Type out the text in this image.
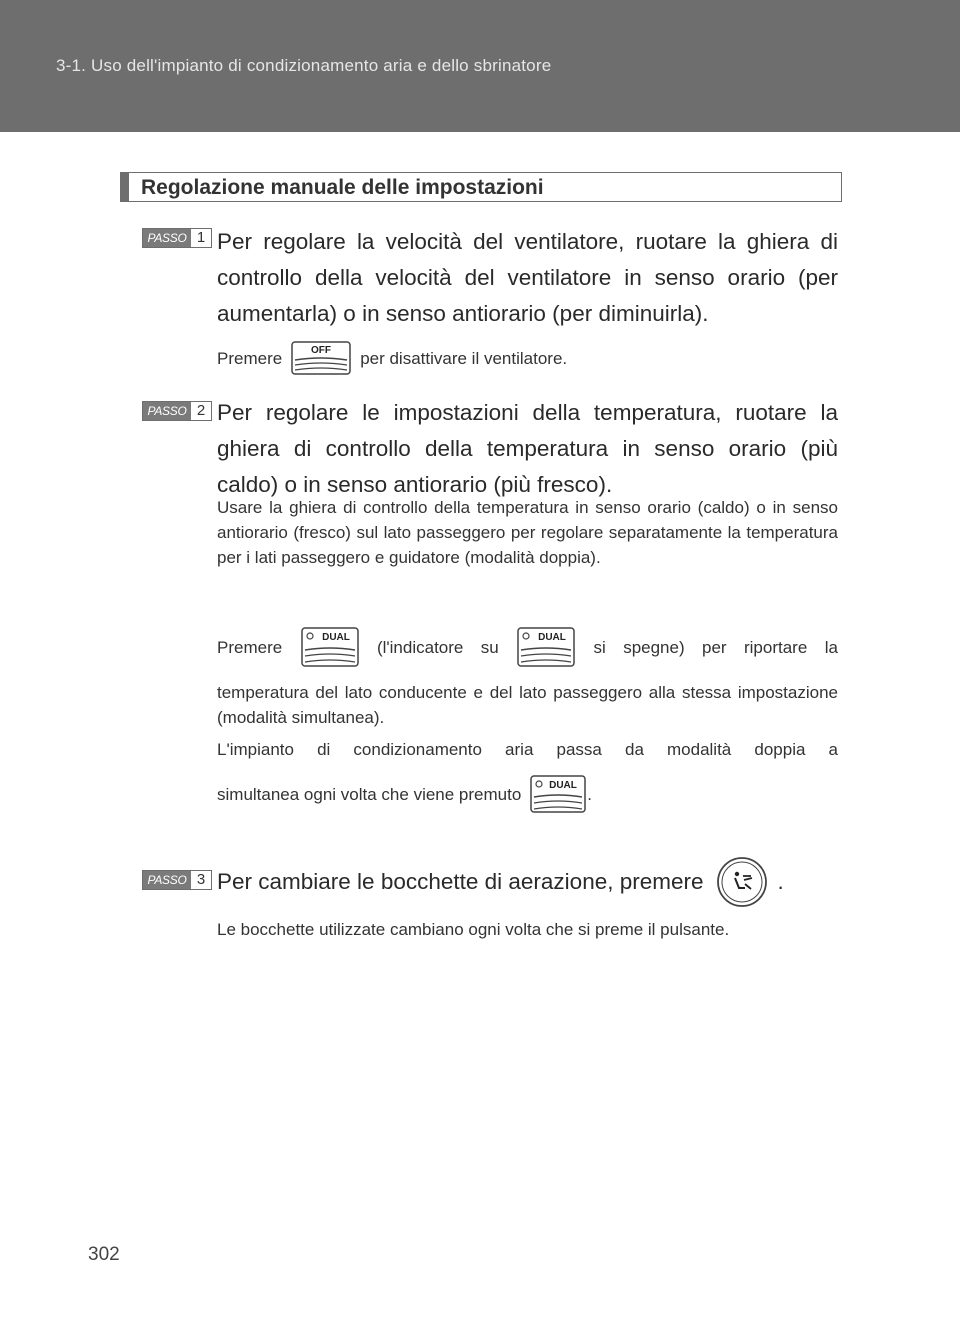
3-1. Uso dell'impianto di condizionamento aria e dello sbrinatore
Regolazione manuale delle impostazioni
PASSO 1 Per regolare la velocità del ventilatore, ruotare la ghiera di controllo della velocità del ventilatore in senso orario (per aumentarla) o in senso antiorario (per diminuirla).
Premere	OFF per disattivare il ventilatore.
PASSO 2 Per regolare le impostazioni della temperatura, ruotare la ghiera di controllo della temperatura in senso orario (più caldo) o in senso antiorario (più fresco).
Usare la ghiera di controllo della temperatura in senso orario (caldo) o in senso antiorario (fresco) sul lato passeggero per regolare separatamente la temperatura per i lati passeggero e guidatore (modalità doppia).
Premere	DUAL (l'indicatore su	DUAL si spegne) per riportare la
temperatura del lato conducente e del lato passeggero alla stessa impostazione (modalità simultanea).
L'impianto di condizionamento aria passa da modalità doppia a
simultanea ogni volta che viene premuto	DUAL .
PASSO 3 Per cambiare le bocchette di aerazione, premere	.
Le bocchette utilizzate cambiano ogni volta che si preme il pulsante.
302
